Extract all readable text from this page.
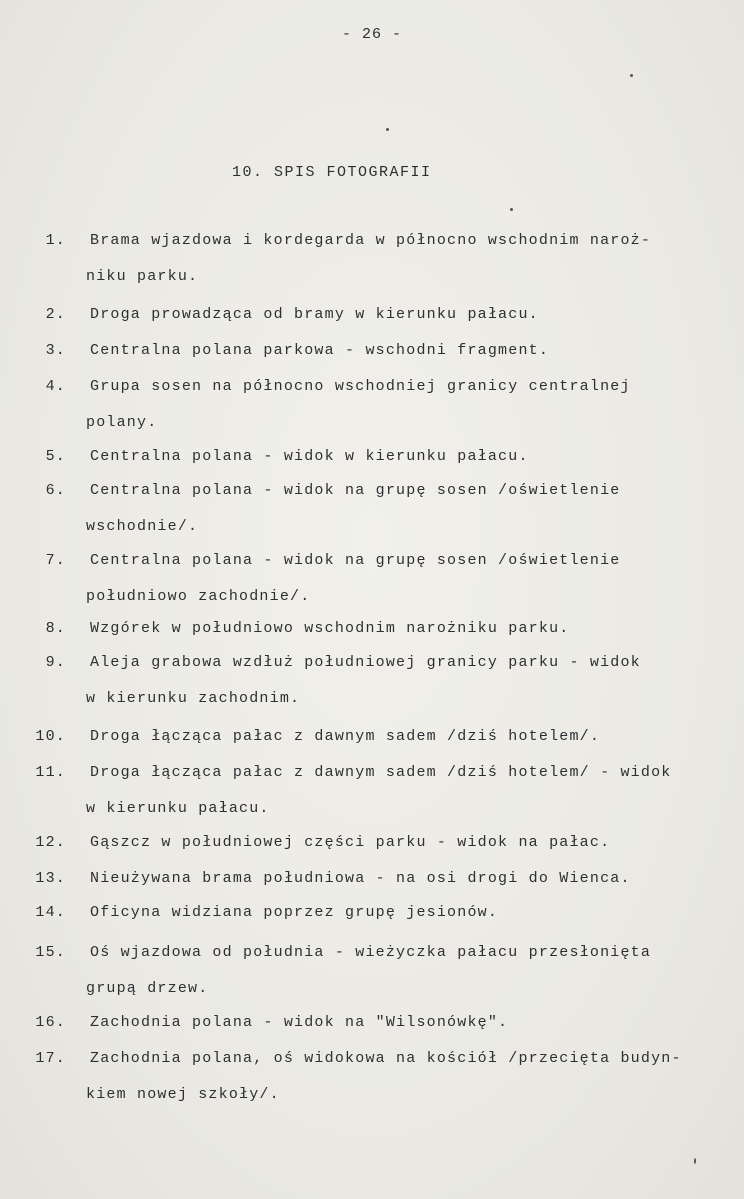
- 26 -
10. SPIS FOTOGRAFII
1. Brama wjazdowa i kordegarda w północno wschodnim naroż-
niku parku.
2. Droga prowadząca od bramy w kierunku pałacu.
3. Centralna polana parkowa - wschodni fragment.
4. Grupa sosen na północno wschodniej granicy centralnej
polany.
5. Centralna polana - widok w kierunku pałacu.
6. Centralna polana - widok na grupę sosen /oświetlenie
wschodnie/.
7. Centralna polana - widok na grupę sosen /oświetlenie
południowo zachodnie/.
8. Wzgórek w południowo wschodnim narożniku parku.
9. Aleja grabowa wzdłuż południowej granicy parku - widok
w kierunku zachodnim.
10. Droga łącząca pałac z dawnym sadem /dziś hotelem/.
11. Droga łącząca pałac z dawnym sadem /dziś hotelem/ - widok
w kierunku pałacu.
12. Gąszcz w południowej części parku - widok na pałac.
13. Nieużywana brama południowa - na osi drogi do Wienca.
14. Oficyna widziana poprzez grupę jesionów.
15. Oś wjazdowa od południa - wieżyczka pałacu przesłonięta
grupą drzew.
16. Zachodnia polana - widok na "Wilsonówkę".
17. Zachodnia polana, oś widokowa na kościół /przecięta budyn-
kiem nowej szkoły/.
